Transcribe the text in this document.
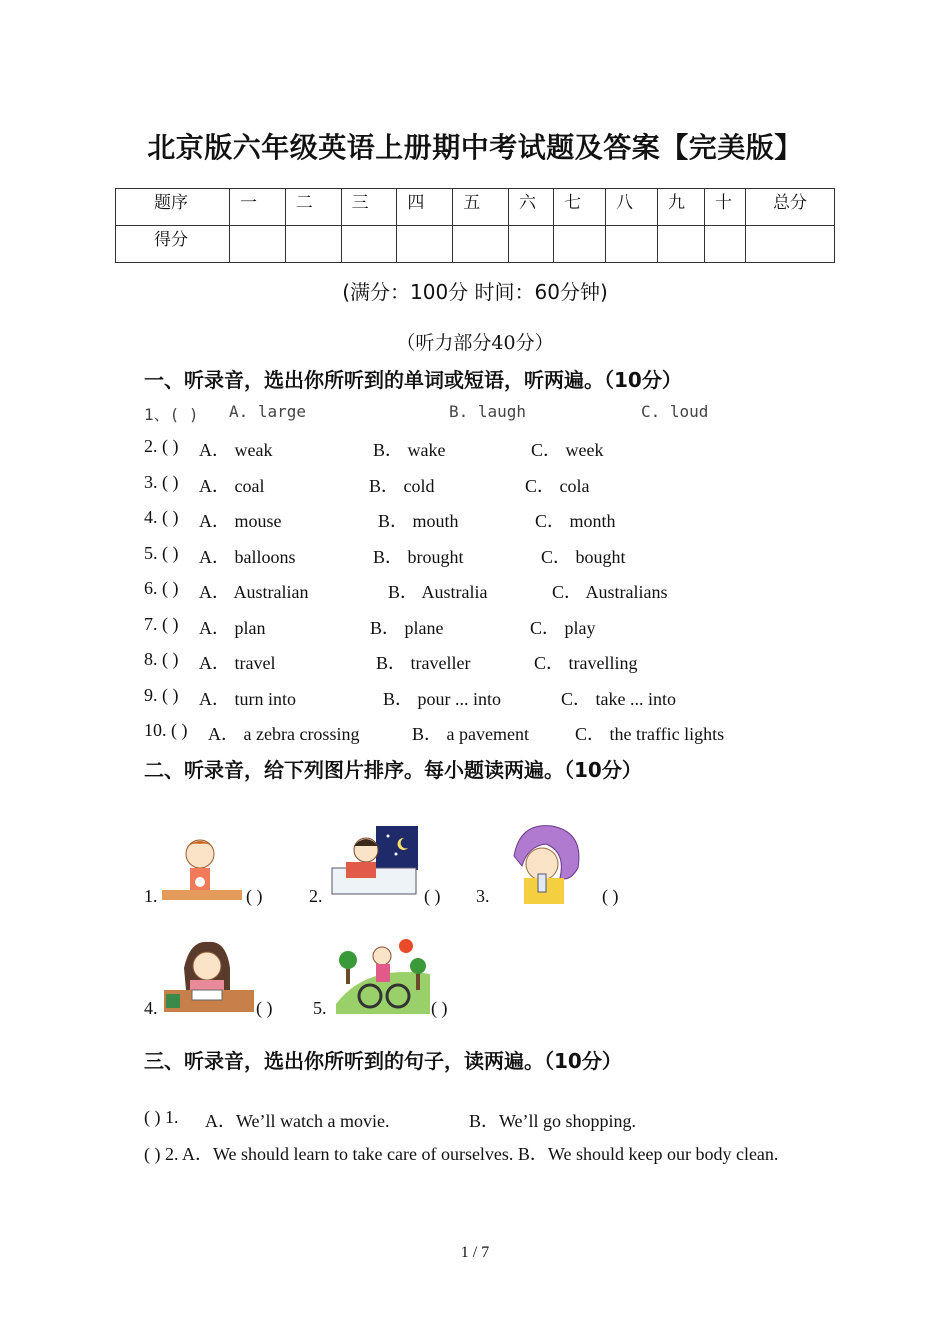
北京版六年级英语上册期中考试题及答案【完美版】
题序	一	二	三	四	五	六	七	八	九	十	总分
得分											
(满分：100分 时间：60分钟)
（听力部分40分）
一、听录音，选出你所听到的单词或短语，听两遍。（10分）
1、( ) A. large	B. laugh	C. loud
2. ( ) A． weak	B． wake	C． week
3. ( ) A． coal	B． cold	C． cola
4. ( ) A． mouse	B． mouth	C． month
5. ( ) A． balloons	B． brought	C． bought
6. ( ) A． Australian	B． Australia	C． Australians
7. ( ) A． plan	B． plane	C． play
8. ( ) A． travel	B． traveller	C． travelling
9. ( ) A． turn into	B． pour ... into	C． take ... into
10. ( ) A． a zebra crossing	B． a pavement	C． the traffic lights
二、听录音，给下列图片排序。每小题读两遍。（10分）
1.	( )	2.	( ) 3.	( )
4.	( ) 5.	( )
三、听录音，选出你所听到的句子，读两遍。（10分）
( ) 1. A．We’ll watch a movie.	B．We’ll go shopping.
( ) 2. A．We should learn to take care of ourselves. B．We should keep our body clean.
1 / 7
